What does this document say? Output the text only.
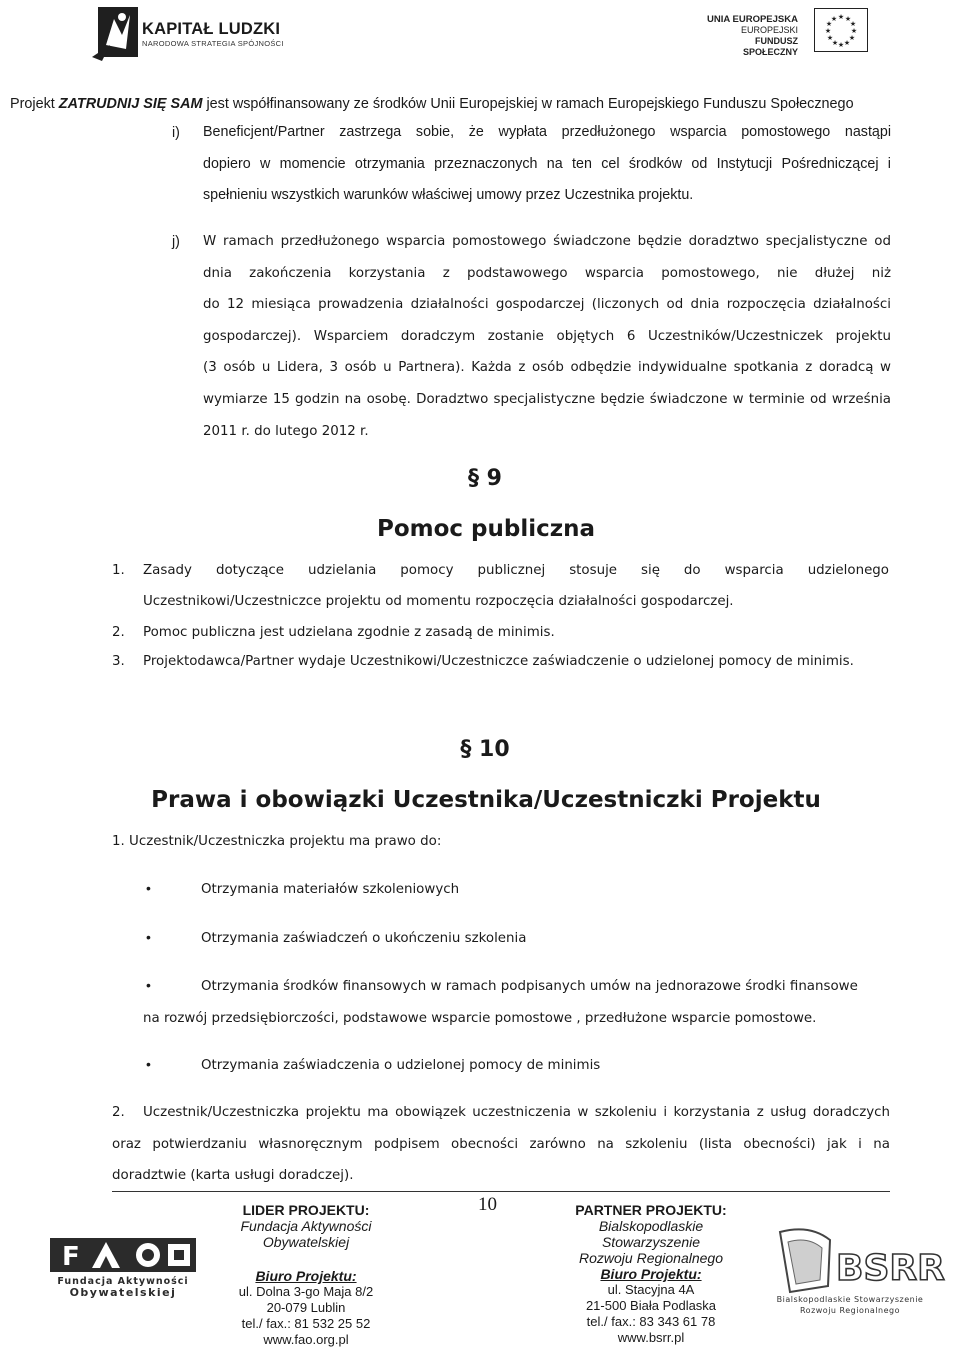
KAPITAŁ LUDZKI
NARODOWA STRATEGIA SPÓJNOŚCI
UNIA EUROPEJSKA
EUROPEJSKI
FUNDUSZ SPOŁECZNY
★ ★
★
★
★
★
★
★
★
★
★
★
Projekt ZATRUDNIJ SIĘ SAM jest współfinansowany ze środków Unii Europejskiej w ramach Europejskiego Funduszu Społecznego
i) Beneficjent/Partner zastrzega sobie, że wypłata przedłużonego wsparcia pomostowego nastąpi
dopiero w momencie otrzymania przeznaczonych na ten cel środków od Instytucji Pośredniczącej i
spełnieniu wszystkich warunków właściwej umowy przez Uczestnika projektu.
j) W ramach przedłużonego wsparcia pomostowego świadczone będzie doradztwo specjalistyczne od
dnia zakończenia korzystania z podstawowego wsparcia pomostowego, nie dłużej niż
do 12 miesiąca prowadzenia działalności gospodarczej (liczonych od dnia rozpoczęcia działalności
gospodarczej). Wsparciem doradczym zostanie objętych 6 Uczestników/Uczestniczek projektu
(3 osób u Lidera, 3 osób u Partnera). Każda z osób odbędzie indywidualne spotkania z doradcą w
wymiarze 15 godzin na osobę. Doradztwo specjalistyczne będzie świadczone w terminie od września
2011 r. do lutego 2012 r.
§ 9
Pomoc publiczna
1. Zasady dotyczące udzielania pomocy publicznej stosuje się do wsparcia udzielonego
Uczestnikowi/Uczestniczce projektu od momentu rozpoczęcia działalności gospodarczej.
2. Pomoc publiczna jest udzielana zgodnie z zasadą de minimis.
3. Projektodawca/Partner wydaje Uczestnikowi/Uczestniczce zaświadczenie o udzielonej pomocy de minimis.
§ 10
Prawa i obowiązki Uczestnika/Uczestniczki Projektu
1. Uczestnik/Uczestniczka projektu ma prawo do:
•	Otrzymania materiałów szkoleniowych
•	Otrzymania zaświadczeń o ukończeniu szkolenia
•	Otrzymania środków finansowych w ramach podpisanych umów na jednorazowe środki finansowe
na rozwój przedsiębiorczości, podstawowe wsparcie pomostowe , przedłużone wsparcie pomostowe.
•	Otrzymania zaświadczenia o udzielonej pomocy de minimis
2. Uczestnik/Uczestniczka projektu ma obowiązek uczestniczenia w szkoleniu i korzystania z usług doradczych
oraz potwierdzaniu własnoręcznym podpisem obecności zarówno na szkoleniu (lista obecności) jak i na
doradztwie (karta usługi doradczej).
10
F
Fundacja Aktywności
Obywatelskiej
LIDER PROJEKTU:
Fundacja Aktywności
Obywatelskiej
Biuro Projektu:
ul. Dolna 3-go Maja 8/2
20-079 Lublin
tel./ fax.: 81 532 25 52
www.fao.org.pl
PARTNER PROJEKTU:
Bialskopodlaskie
Stowarzyszenie
Rozwoju Regionalnego
Biuro Projektu:
ul. Stacyjna 4A
21-500 Biała Podlaska
tel./ fax.: 83 343 61 78
www.bsrr.pl
BSRR
Bialskopodlaskie Stowarzyszenie
Rozwoju Regionalnego
